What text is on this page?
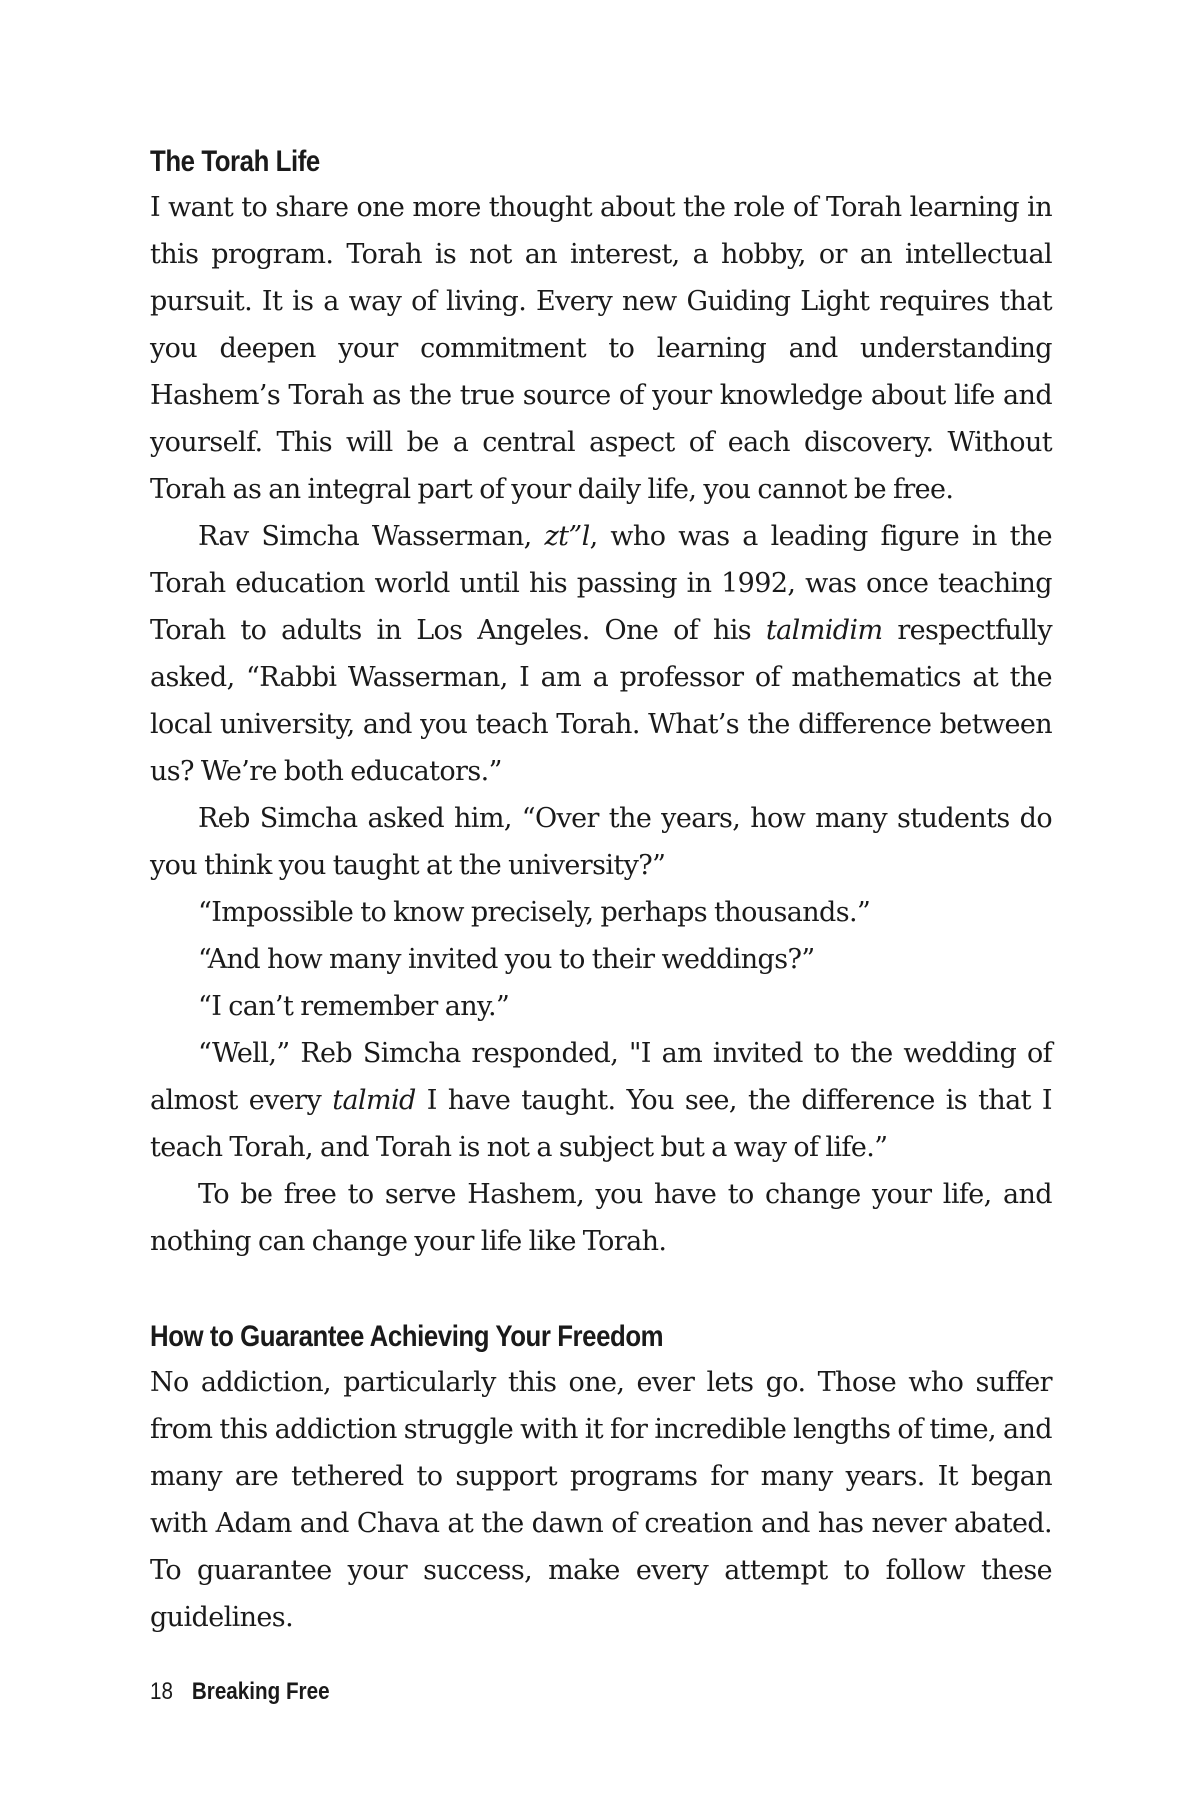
The Torah Life

I want to share one more thought about the role of Torah learning in this program. Torah is not an interest, a hobby, or an intellectual pursuit. It is a way of living. Every new Guiding Light requires that you deepen your commitment to learning and understanding Hashem’s Torah as the true source of your knowledge about life and yourself. This will be a central aspect of each discovery. Without Torah as an integral part of your daily life, you cannot be free.

Rav Simcha Wasserman, zt”l, who was a leading figure in the Torah education world until his passing in 1992, was once teaching Torah to adults in Los Angeles. One of his talmidim respectfully asked, “Rabbi Wasserman, I am a professor of mathematics at the local university, and you teach Torah. What’s the difference between us? We’re both educators.”

Reb Simcha asked him, “Over the years, how many students do you think you taught at the university?”

“Impossible to know precisely, perhaps thousands.”

“And how many invited you to their weddings?”

“I can’t remember any.”

“Well,” Reb Simcha responded, "I am invited to the wedding of almost every talmid I have taught. You see, the difference is that I teach Torah, and Torah is not a subject but a way of life.”

To be free to serve Hashem, you have to change your life, and nothing can change your life like Torah.

How to Guarantee Achieving Your Freedom

No addiction, particularly this one, ever lets go. Those who suffer from this addiction struggle with it for incredible lengths of time, and many are tethered to support programs for many years. It began with Adam and Chava at the dawn of creation and has never abated. To guarantee your success, make every attempt to follow these guidelines.

18 Breaking Free
